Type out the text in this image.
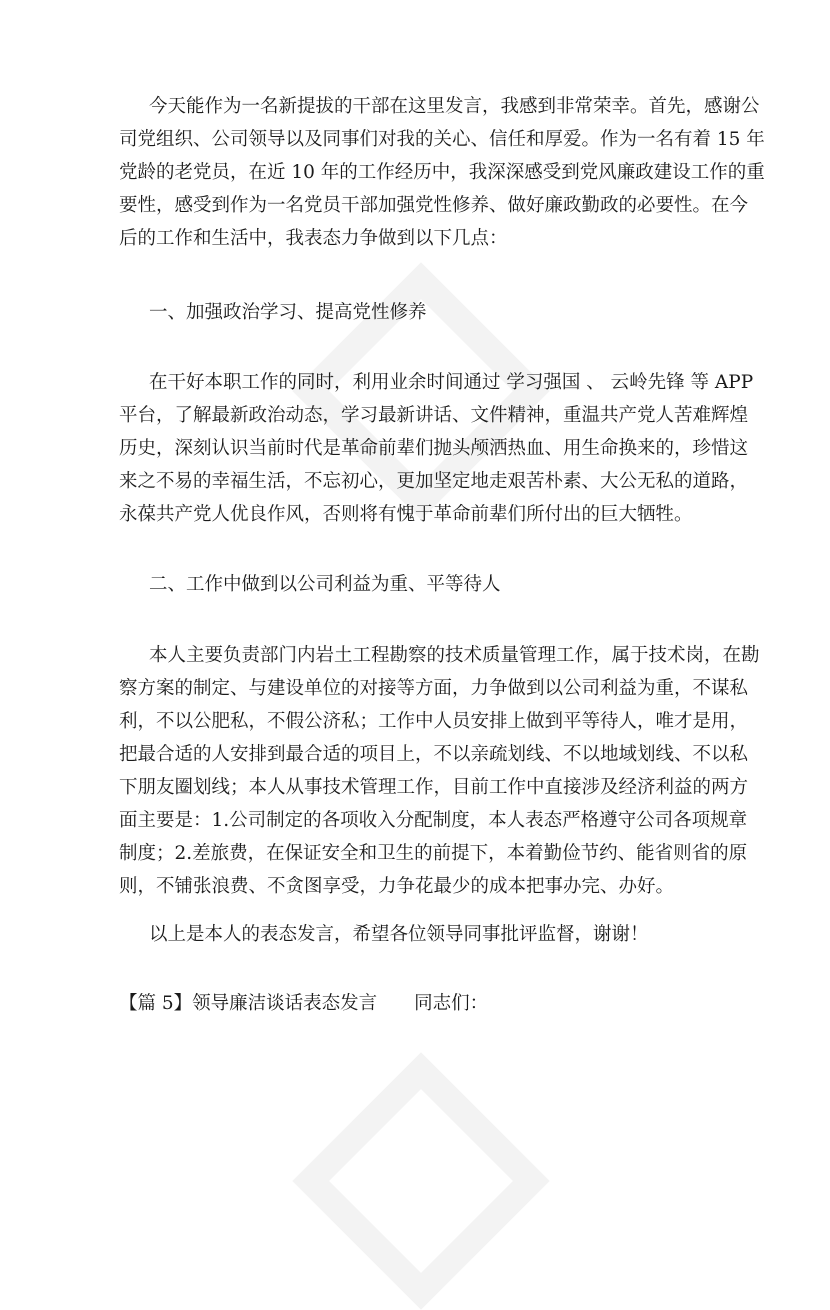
今天能作为一名新提拔的干部在这里发言，我感到非常荣幸。首先，感谢公
司党组织、公司领导以及同事们对我的关心、信任和厚爱。作为一名有着 15 年
党龄的老党员，在近 10 年的工作经历中，我深深感受到党风廉政建设工作的重
要性，感受到作为一名党员干部加强党性修养、做好廉政勤政的必要性。在今
后的工作和生活中，我表态力争做到以下几点：
一、加强政治学习、提高党性修养
在干好本职工作的同时，利用业余时间通过 学习强国 、 云岭先锋 等 APP
平台，了解最新政治动态，学习最新讲话、文件精神，重温共产党人苦难辉煌
历史，深刻认识当前时代是革命前辈们抛头颅洒热血、用生命换来的，珍惜这
来之不易的幸福生活，不忘初心，更加坚定地走艰苦朴素、大公无私的道路，
永葆共产党人优良作风，否则将有愧于革命前辈们所付出的巨大牺牲。
二、工作中做到以公司利益为重、平等待人
本人主要负责部门内岩土工程勘察的技术质量管理工作，属于技术岗，在勘
察方案的制定、与建设单位的对接等方面，力争做到以公司利益为重，不谋私
利，不以公肥私，不假公济私；工作中人员安排上做到平等待人，唯才是用，
把最合适的人安排到最合适的项目上，不以亲疏划线、不以地域划线、不以私
下朋友圈划线；本人从事技术管理工作，目前工作中直接涉及经济利益的两方
面主要是：1.公司制定的各项收入分配制度，本人表态严格遵守公司各项规章
制度；2.差旅费，在保证安全和卫生的前提下，本着勤俭节约、能省则省的原
则，不铺张浪费、不贪图享受，力争花最少的成本把事办完、办好。
以上是本人的表态发言，希望各位领导同事批评监督，谢谢！
【篇 5】领导廉洁谈话表态发言　　同志们：
